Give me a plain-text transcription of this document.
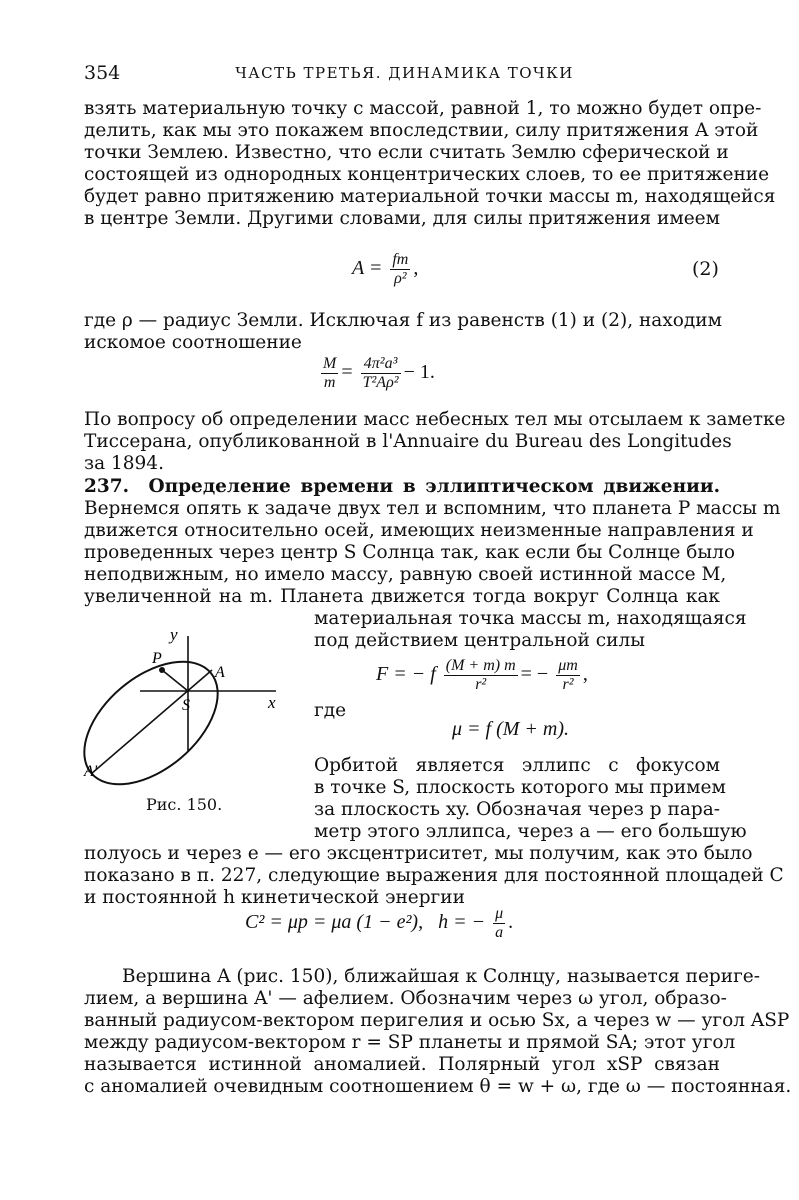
354	ЧАСТЬ ТРЕТЬЯ. ДИНАМИКА ТОЧКИ
взять материальную точку с массой, равной 1, то можно будет опре-
делить, как мы это покажем впоследствии, силу притяжения A этой
точки Землею. Известно, что если считать Землю сферической и
состоящей из однородных концентрических слоев, то ее притяжение
будет равно притяжению материальной точки массы m, находящейся
в центре Земли. Другими словами, для силы притяжения имеем
$A = \frac{fm}{\text{ρ²}}$ ,	(2)
где ρ — радиус Земли. Исключая f из равенств (1) и (2), находим
искомое соотношение
$\frac{M}{m} = \frac{\text{4π²a³}}{\text{T²Aρ²}} - 1$.
По вопросу об определении масс небесных тел мы отсылаем к заметке
Тиссерана, опубликованной в l'Annuaire du Bureau des Longitudes
за 1894.
237. Определение времени в эллиптическом движении.
Вернемся опять к задаче двух тел и вспомним, что планета P массы m
движется относительно осей, имеющих неизменные направления и
проведенных через центр S Солнца так, как если бы Солнце было
неподвижным, но имело массу, равную своей истинной массе M,
увеличенной на m. Планета движется тогда вокруг Солнца как
материальная точка массы m, находящаяся
под действием центральной силы
F = − f $\frac{(M + m) m}{\text{r²}}$ = − $\frac{\mu m}{\text{r²}}$ ,
где
μ = f (M + m).
Орбитой является эллипс с фокусом
в точке S, плоскость которого мы примем
за плоскость xy. Обозначая через p пара-
метр этого эллипса, через a — его большую
y
x
P
A
S
A'
Рис. 150.
полуось и через e — его эксцентриситет, мы получим, как это было
показано в п. 227, следующие выражения для постоянной площадей C
и постоянной h кинетической энергии
C² = μp = μa (1 − e²), h = − $\frac{\mu}{a}$ .
Вершина A (рис. 150), ближайшая к Солнцу, называется периге-
лием, а вершина A' — афелием. Обозначим через ω угол, образо-
ванный радиусом-вектором перигелия и осью Sx, а через w — угол ASP
между радиусом-вектором r = SP планеты и прямой SA; этот угол
называется истинной аномалией. Полярный угол xSP связан
с аномалией очевидным соотношением θ = w + ω, где ω — постоянная.
